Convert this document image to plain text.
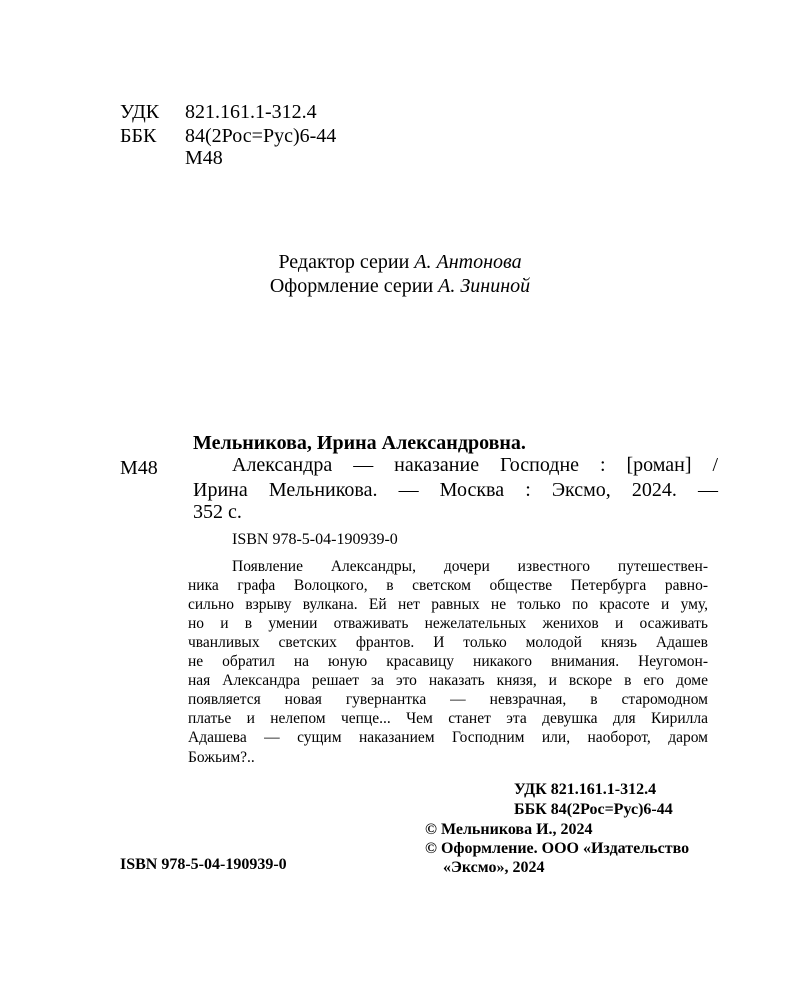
УДК 821.161.1-312.4
ББК 84(2Рос=Рус)6-44
М48
Редактор серии А. Антонова
Оформление серии А. Зининой
Мельникова, Ирина Александровна.
М48	Александра — наказание Господне : [роман] /
Ирина Мельникова. — Москва : Эксмо, 2024. —
352 с.
ISBN 978-5-04-190939-0
Появление Александры, дочери известного путешествен-
ника графа Волоцкого, в светском обществе Петербурга равно-
сильно взрыву вулкана. Ей нет равных не только по красоте и уму,
но и в умении отваживать нежелательных женихов и осаживать
чванливых светских франтов. И только молодой князь Адашев
не обратил на юную красавицу никакого внимания. Неугомон-
ная Александра решает за это наказать князя, и вскоре в его доме
появляется новая гувернантка — невзрачная, в старомодном
платье и нелепом чепце... Чем станет эта девушка для Кирилла
Адашева — сущим наказанием Господним или, наоборот, даром
Божьим?..
УДК 821.161.1-312.4
ББК 84(2Рос=Рус)6-44
ISBN 978-5-04-190939-0
© Мельникова И., 2024
© Оформление. ООО «Издательство
«Эксмо», 2024
